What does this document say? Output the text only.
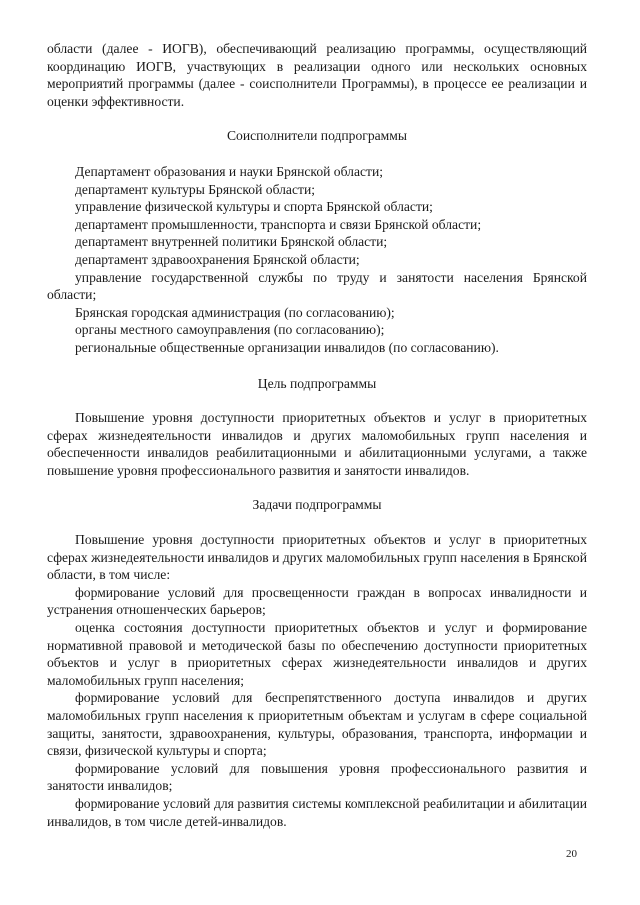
области (далее - ИОГВ), обеспечивающий реализацию программы, осуществляющий координацию ИОГВ, участвующих в реализации одного или нескольких основных мероприятий программы (далее - соисполнители Программы), в процессе ее реализации и оценки эффективности.

Соисполнители подпрограммы

Департамент образования и науки Брянской области;

департамент культуры Брянской области;

управление физической культуры и спорта Брянской области;

департамент промышленности, транспорта и связи Брянской области;

департамент внутренней политики Брянской области;

департамент здравоохранения Брянской области;

управление государственной службы по труду и занятости населения Брянской области;

Брянская городская администрация (по согласованию);

органы местного самоуправления (по согласованию);

региональные общественные организации инвалидов (по согласованию).

Цель подпрограммы

Повышение уровня доступности приоритетных объектов и услуг в приоритетных сферах жизнедеятельности инвалидов и других маломобильных групп населения и обеспеченности инвалидов реабилитационными и абилитационными услугами, а также повышение уровня профессионального развития и занятости инвалидов.

Задачи подпрограммы

Повышение уровня доступности приоритетных объектов и услуг в приоритетных сферах жизнедеятельности инвалидов и других маломобильных групп населения в Брянской области, в том числе:

формирование условий для просвещенности граждан в вопросах инвалидности и устранения отношенческих барьеров;

оценка состояния доступности приоритетных объектов и услуг и формирование нормативной правовой и методической базы по обеспечению доступности приоритетных объектов и услуг в приоритетных сферах жизнедеятельности инвалидов и других маломобильных групп населения;

формирование условий для беспрепятственного доступа инвалидов и других маломобильных групп населения к приоритетным объектам и услугам в сфере социальной защиты, занятости, здравоохранения, культуры, образования, транспорта, информации и связи, физической культуры и спорта;

формирование условий для повышения уровня профессионального развития и занятости инвалидов;

формирование условий для развития системы комплексной реабилитации и абилитации инвалидов, в том числе детей-инвалидов.

20
